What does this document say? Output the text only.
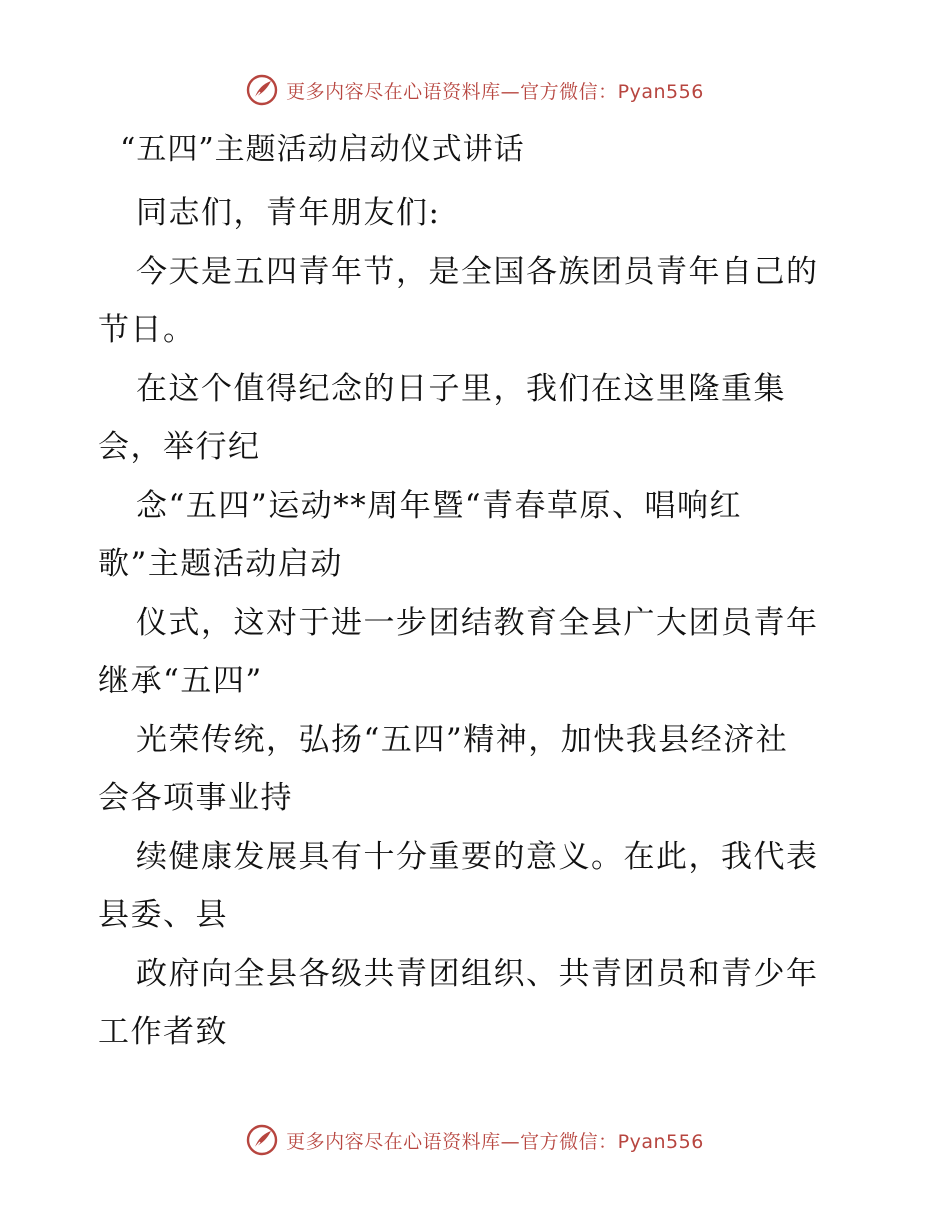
更多内容尽在心语资料库—官方微信：Pyan556
“五四”主题活动启动仪式讲话
同志们，青年朋友们:
今天是五四青年节，是全国各族团员青年自己的
节日。
在这个值得纪念的日子里，我们在这里隆重集
会，举行纪
念“五四”运动**周年暨“青春草原、唱响红
歌”主题活动启动
仪式，这对于进一步团结教育全县广大团员青年
继承“五四”
光荣传统，弘扬“五四”精神，加快我县经济社
会各项事业持
续健康发展具有十分重要的意义。在此，我代表
县委、县
政府向全县各级共青团组织、共青团员和青少年
工作者致
更多内容尽在心语资料库—官方微信：Pyan556
